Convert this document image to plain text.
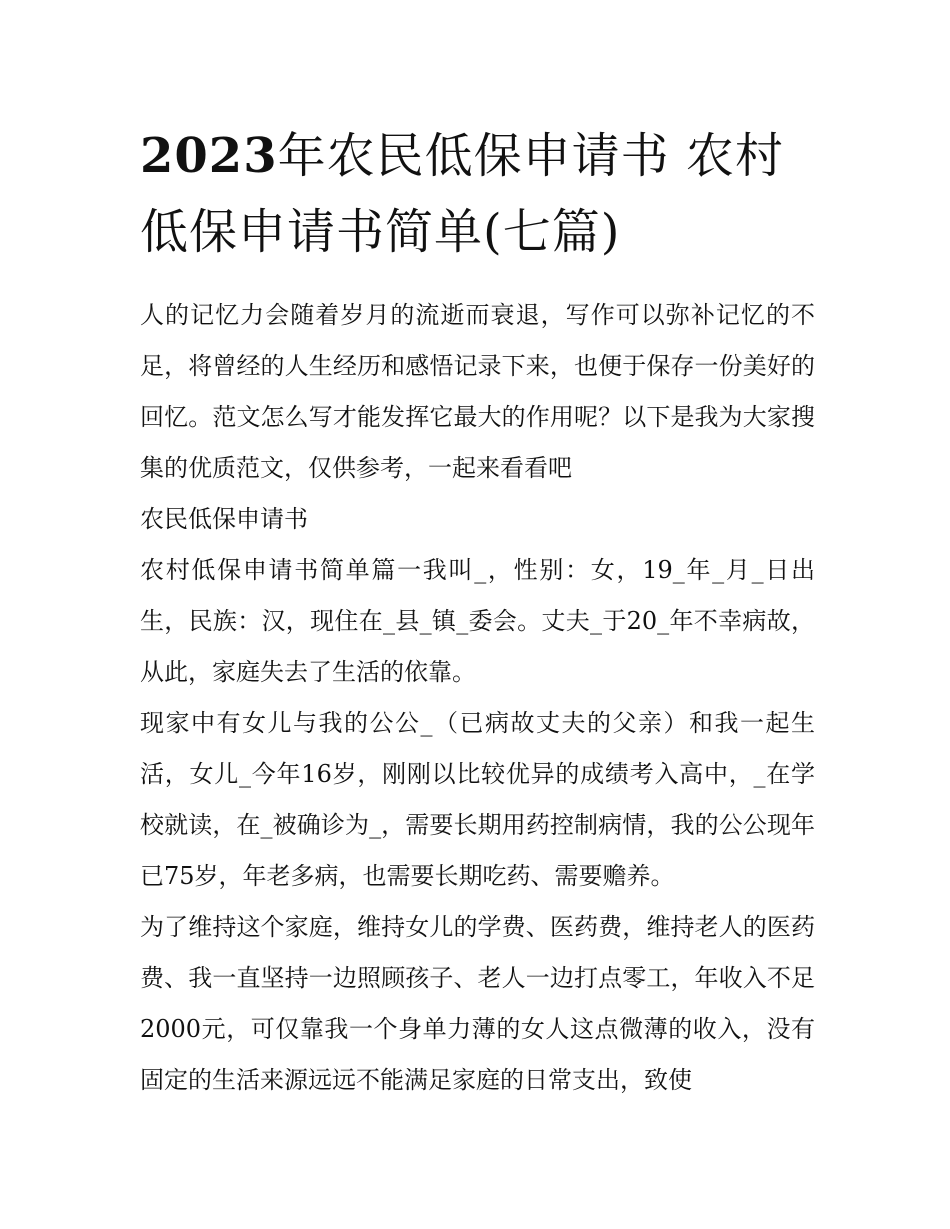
2023年农民低保申请书 农村低保申请书简单(七篇)

人的记忆力会随着岁月的流逝而衰退，写作可以弥补记忆的不足，将曾经的人生经历和感悟记录下来，也便于保存一份美好的回忆。范文怎么写才能发挥它最大的作用呢？以下是我为大家搜集的优质范文，仅供参考，一起来看看吧

农民低保申请书

农村低保申请书简单篇一我叫_，性别：女，19_年_月_日出生，民族：汉，现住在_县_镇_委会。丈夫_于20_年不幸病故，从此，家庭失去了生活的依靠。

现家中有女儿与我的公公_（已病故丈夫的父亲）和我一起生活，女儿_今年16岁，刚刚以比较优异的成绩考入高中，_在学校就读，在_被确诊为_，需要长期用药控制病情，我的公公现年已75岁，年老多病，也需要长期吃药、需要赡养。

为了维持这个家庭，维持女儿的学费、医药费，维持老人的医药费、我一直坚持一边照顾孩子、老人一边打点零工，年收入不足2000元，可仅靠我一个身单力薄的女人这点微薄的收入，没有固定的生活来源远远不能满足家庭的日常支出，致使
